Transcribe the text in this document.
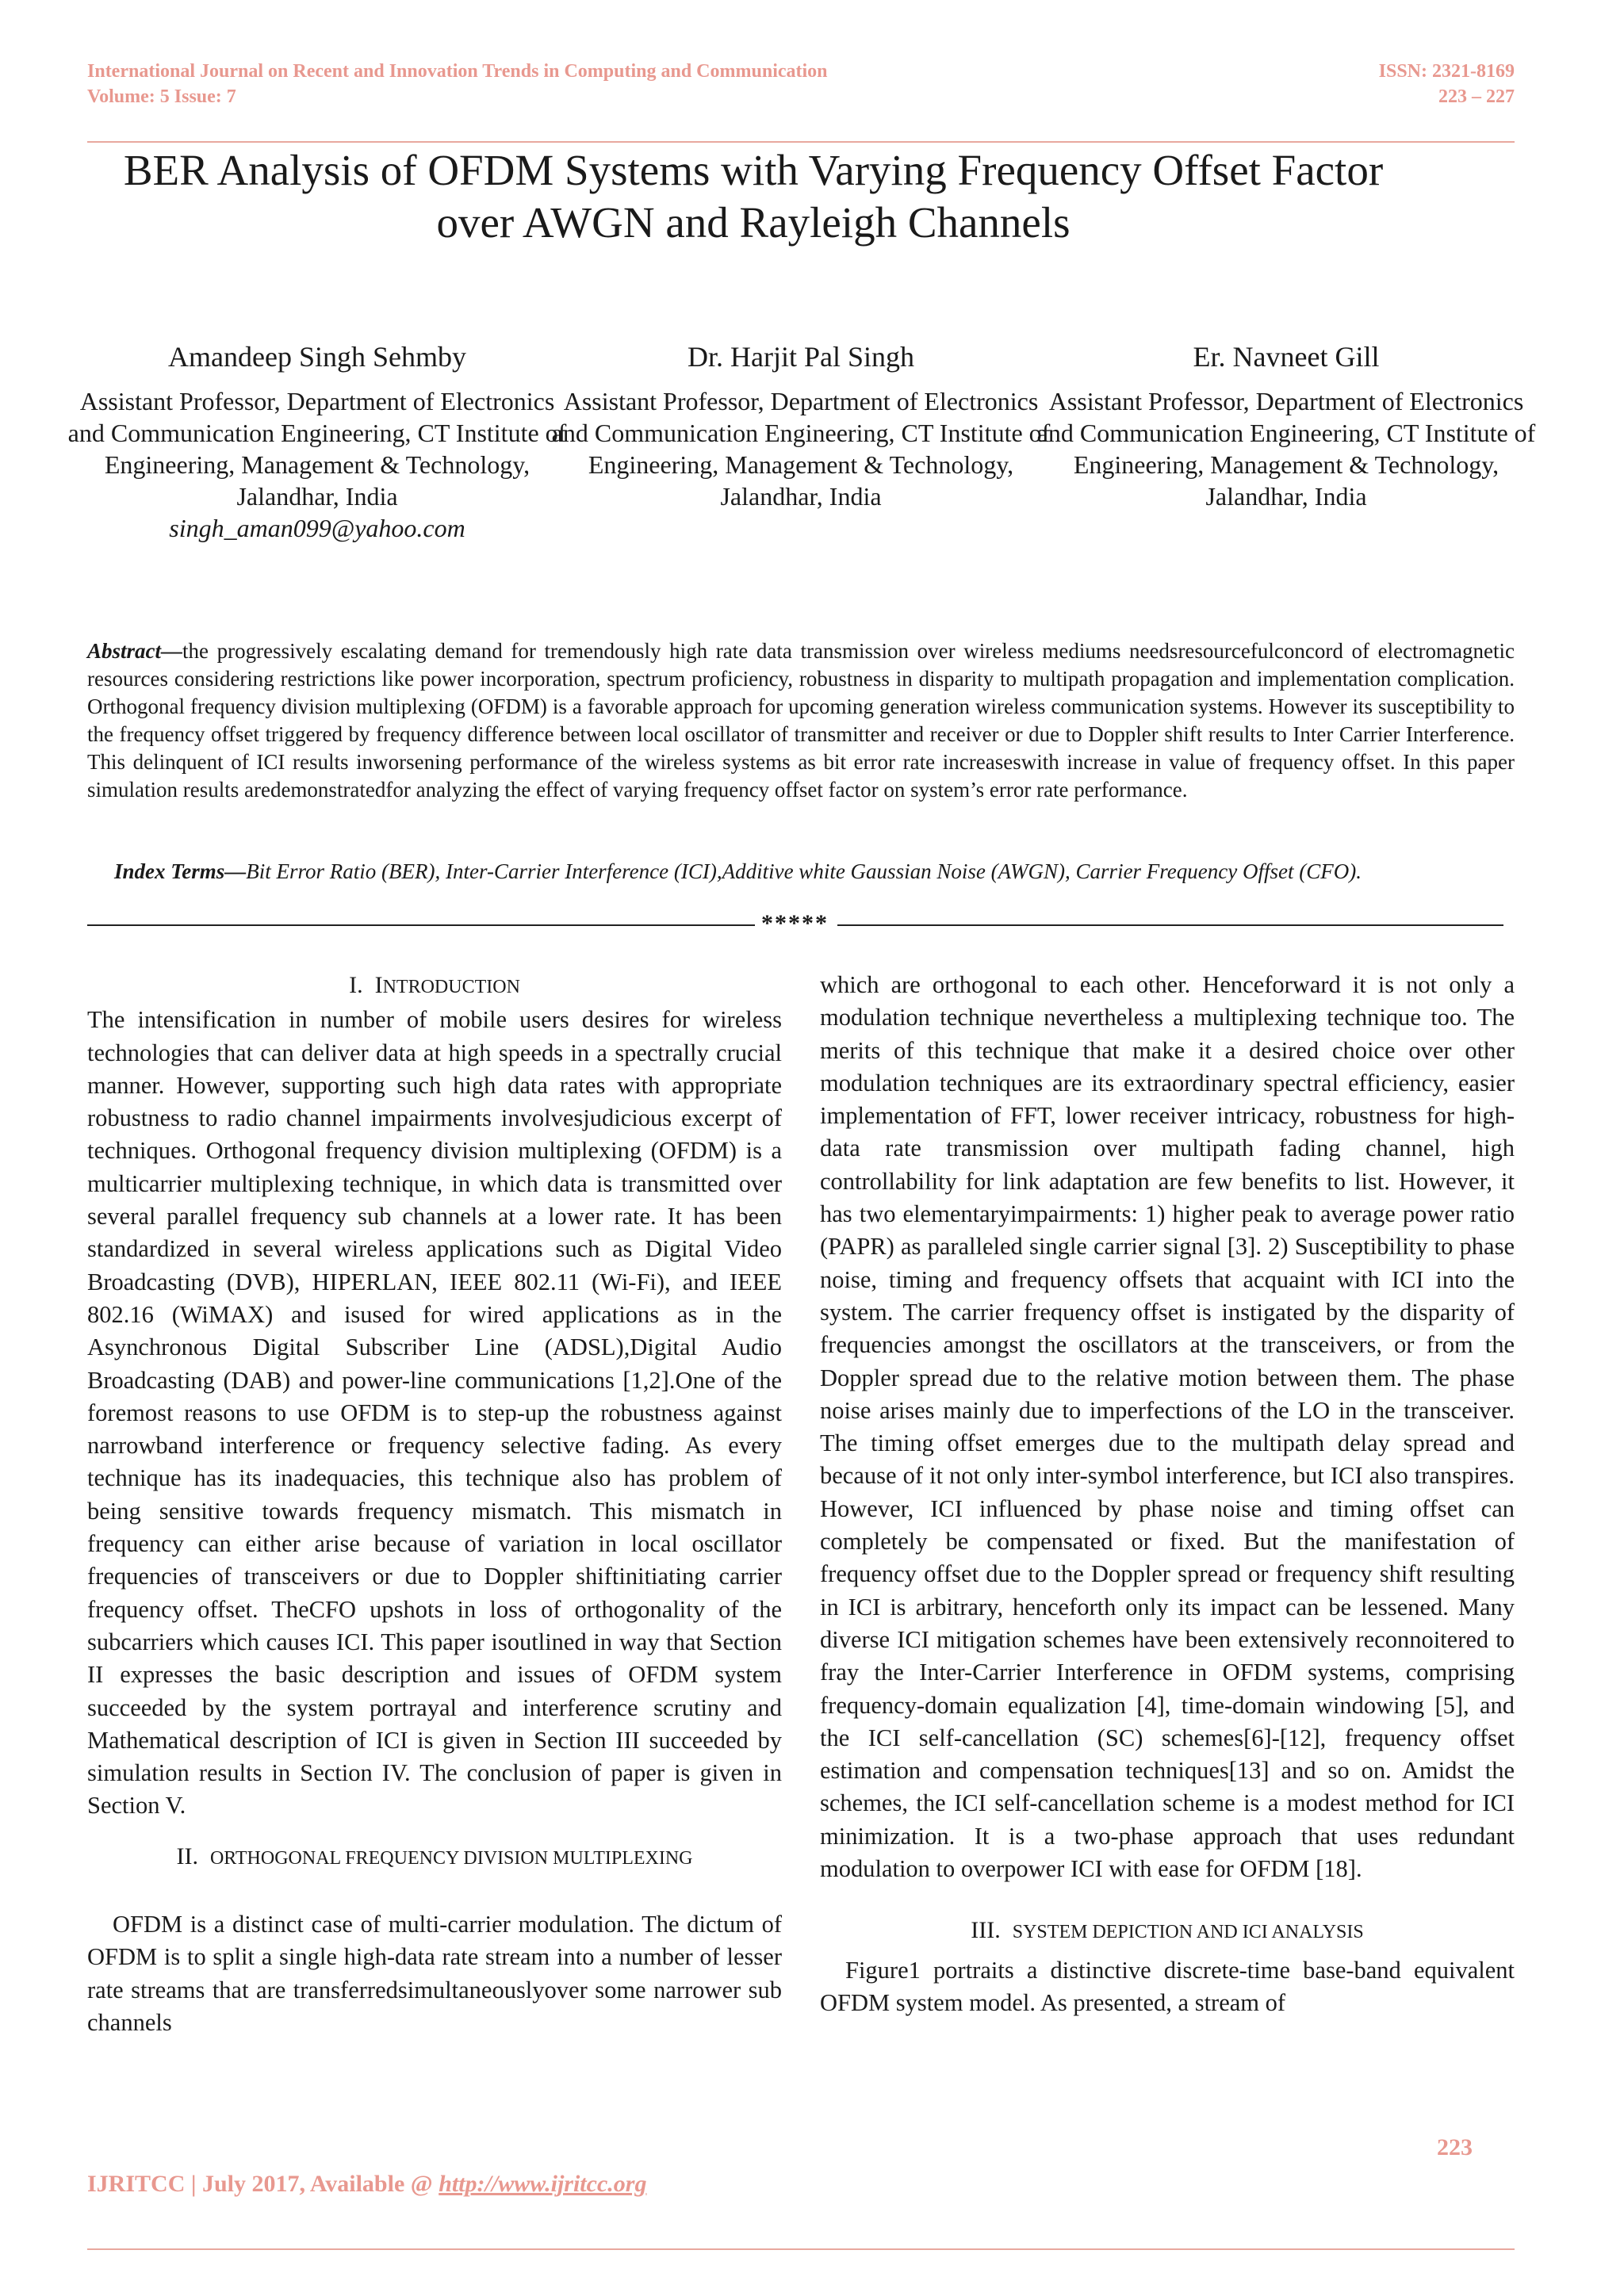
International Journal on Recent and Innovation Trends in Computing and Communication
Volume: 5 Issue: 7
ISSN: 2321-8169
223 – 227
BER Analysis of OFDM Systems with Varying Frequency Offset Factor over AWGN and Rayleigh Channels
Amandeep Singh Sehmby
Assistant Professor, Department of Electronics and Communication Engineering, CT Institute of Engineering, Management & Technology, Jalandhar, India
singh_aman099@yahoo.com
Dr. Harjit Pal Singh
Assistant Professor, Department of Electronics and Communication Engineering, CT Institute of Engineering, Management & Technology, Jalandhar, India
Er. Navneet Gill
Assistant Professor, Department of Electronics and Communication Engineering, CT Institute of Engineering, Management & Technology, Jalandhar, India
Abstract—the progressively escalating demand for tremendously high rate data transmission over wireless mediums needsresourcefulconcord of electromagnetic resources considering restrictions like power incorporation, spectrum proficiency, robustness in disparity to multipath propagation and implementation complication. Orthogonal frequency division multiplexing (OFDM) is a favorable approach for upcoming generation wireless communication systems. However its susceptibility to the frequency offset triggered by frequency difference between local oscillator of transmitter and receiver or due to Doppler shift results to Inter Carrier Interference. This delinquent of ICI results inworsening performance of the wireless systems as bit error rate increaseswith increase in value of frequency offset. In this paper simulation results aredemonstratedfor analyzing the effect of varying frequency offset factor on system’s error rate performance.
Index Terms—Bit Error Ratio (BER), Inter-Carrier Interference (ICI),Additive white Gaussian Noise (AWGN), Carrier Frequency Offset (CFO).
*****
I. INTRODUCTION

The intensification in number of mobile users desires for wireless technologies that can deliver data at high speeds in a spectrally crucial manner. However, supporting such high data rates with appropriate robustness to radio channel impairments involvesjudicious excerpt of techniques. Orthogonal frequency division multiplexing (OFDM) is a multicarrier multiplexing technique, in which data is transmitted over several parallel frequency sub channels at a lower rate. It has been standardized in several wireless applications such as Digital Video Broadcasting (DVB), HIPERLAN, IEEE 802.11 (Wi-Fi), and IEEE 802.16 (WiMAX) and isused for wired applications as in the Asynchronous Digital Subscriber Line (ADSL),Digital Audio Broadcasting (DAB) and power-line communications [1,2].One of the foremost reasons to use OFDM is to step-up the robustness against narrowband interference or frequency selective fading. As every technique has its inadequacies, this technique also has problem of being sensitive towards frequency mismatch. This mismatch in frequency can either arise because of variation in local oscillator frequencies of transceivers or due to Doppler shiftinitiating carrier frequency offset. TheCFO upshots in loss of orthogonality of the subcarriers which causes ICI. This paper isoutlined in way that Section II expresses the basic description and issues of OFDM system succeeded by the system portrayal and interference scrutiny and Mathematical description of ICI is given in Section III succeeded by simulation results in Section IV. The conclusion of paper is given in Section V.

II. ORTHOGONAL FREQUENCY DIVISION MULTIPLEXING

OFDM is a distinct case of multi-carrier modulation. The dictum of OFDM is to split a single high-data rate stream into a number of lesser rate streams that are transferredsimultaneouslyover some narrower sub channels

which are orthogonal to each other. Henceforward it is not only a modulation technique nevertheless a multiplexing technique too. The merits of this technique that make it a desired choice over other modulation techniques are its extraordinary spectral efficiency, easier implementation of FFT, lower receiver intricacy, robustness for high-data rate transmission over multipath fading channel, high controllability for link adaptation are few benefits to list. However, it has two elementaryimpairments: 1) higher peak to average power ratio (PAPR) as paralleled single carrier signal [3]. 2) Susceptibility to phase noise, timing and frequency offsets that acquaint with ICI into the system. The carrier frequency offset is instigated by the disparity of frequencies amongst the oscillators at the transceivers, or from the Doppler spread due to the relative motion between them. The phase noise arises mainly due to imperfections of the LO in the transceiver. The timing offset emerges due to the multipath delay spread and because of it not only inter-symbol interference, but ICI also transpires. However, ICI influenced by phase noise and timing offset can completely be compensated or fixed. But the manifestation of frequency offset due to the Doppler spread or frequency shift resulting in ICI is arbitrary, henceforth only its impact can be lessened. Many diverse ICI mitigation schemes have been extensively reconnoitered to fray the Inter-Carrier Interference in OFDM systems, comprising frequency-domain equalization [4], time-domain windowing [5], and the ICI self-cancellation (SC) schemes[6]-[12], frequency offset estimation and compensation techniques[13] and so on. Amidst the schemes, the ICI self-cancellation scheme is a modest method for ICI minimization. It is a two-phase approach that uses redundant modulation to overpower ICI with ease for OFDM [18].

III. SYSTEM DEPICTION AND ICI ANALYSIS

Figure1 portraits a distinctive discrete-time base-band equivalent OFDM system model. As presented, a stream of

223
IJRITCC | July 2017, Available @ http://www.ijritcc.org
